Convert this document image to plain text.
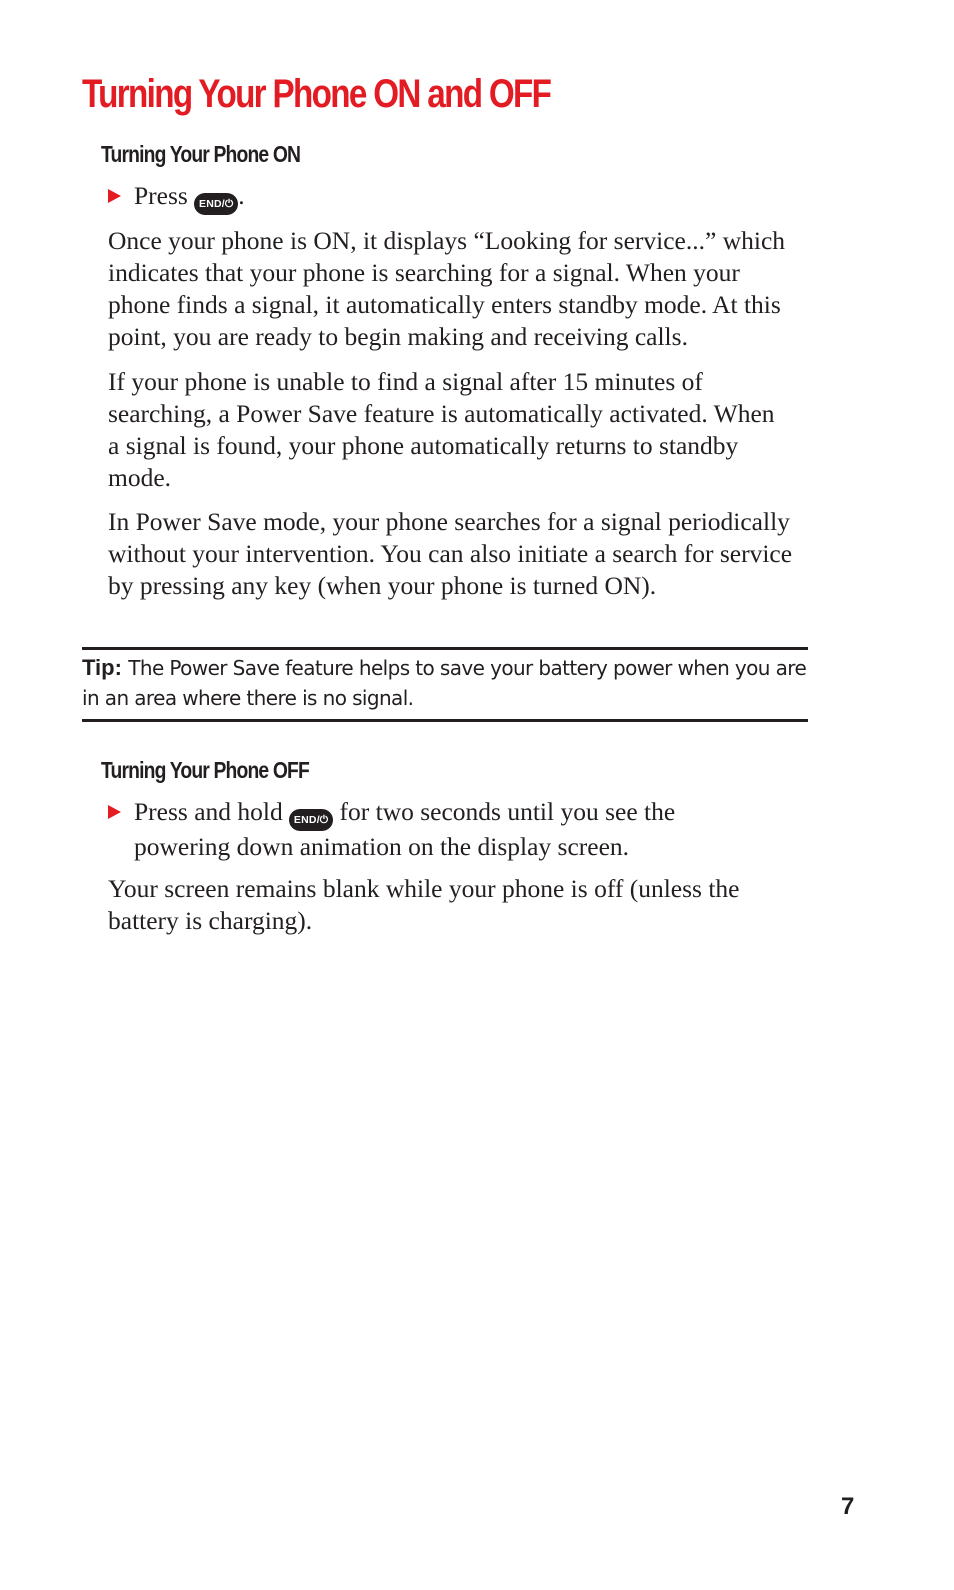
Turning Your Phone ON and OFF
Turning Your Phone ON
Press END/⏻ .

Once your phone is ON, it displays “Looking for service...” which indicates that your phone is searching for a signal. When your phone finds a signal, it automatically enters standby mode. At this point, you are ready to begin making and receiving calls.

If your phone is unable to find a signal after 15 minutes of searching, a Power Save feature is automatically activated. When a signal is found, your phone automatically returns to standby mode.

In Power Save mode, your phone searches for a signal periodically without your intervention. You can also initiate a search for service by pressing any key (when your phone is turned ON).

Tip: The Power Save feature helps to save your battery power when you are in an area where there is no signal.

Turning Your Phone OFF
Press and hold END/⏻ for two seconds until you see the powering down animation on the display screen.

Your screen remains blank while your phone is off (unless the battery is charging).

7
